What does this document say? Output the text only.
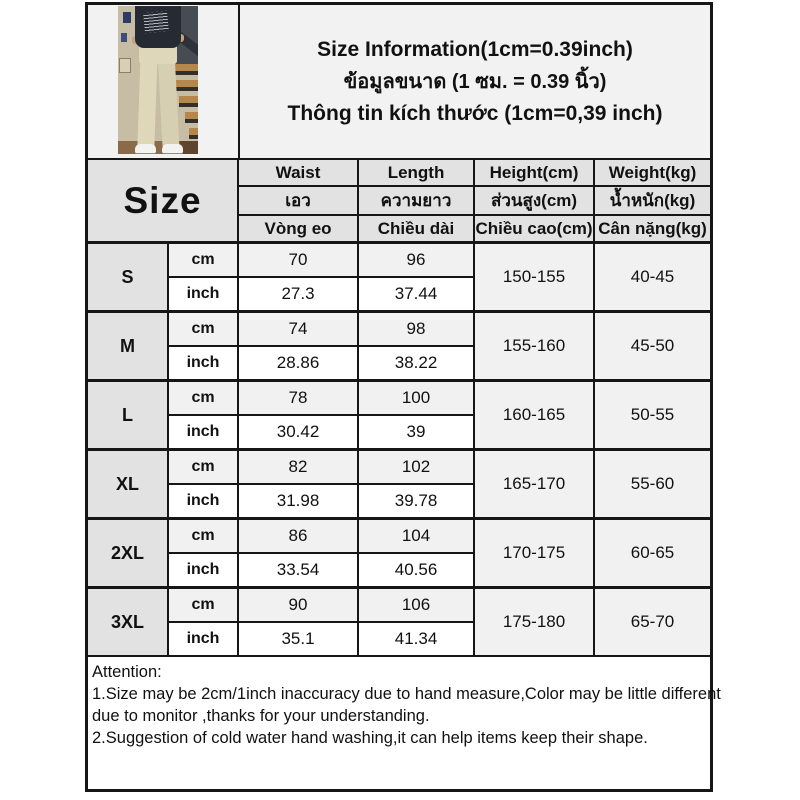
Size Information(1cm=0.39inch)
ข้อมูลขนาด (1 ซม. = 0.39 นิ้ว)
Thông tin kích thước (1cm=0,39 inch)
Size		Waist	Length	Height(cm)	Weight(kg)
		เอว	ความยาว	ส่วนสูง(cm)	น้ำหนัก(kg)
		Vòng eo	Chiều dài	Chiều cao(cm)	Cân nặng(kg)
S	cm	70	96	150-155	40-45
	inch	27.3	37.44		
M	cm	74	98	155-160	45-50
	inch	28.86	38.22		
L	cm	78	100	160-165	50-55
	inch	30.42	39		
XL	cm	82	102	165-170	55-60
	inch	31.98	39.78		
2XL	cm	86	104	170-175	60-65
	inch	33.54	40.56		
3XL	cm	90	106	175-180	65-70
	inch	35.1	41.34		
Attention:
1.Size may be 2cm/1inch inaccuracy due to hand measure,Color may be little different
due to monitor ,thanks for your understanding.
2.Suggestion of cold water hand washing,it can help items keep their shape.
